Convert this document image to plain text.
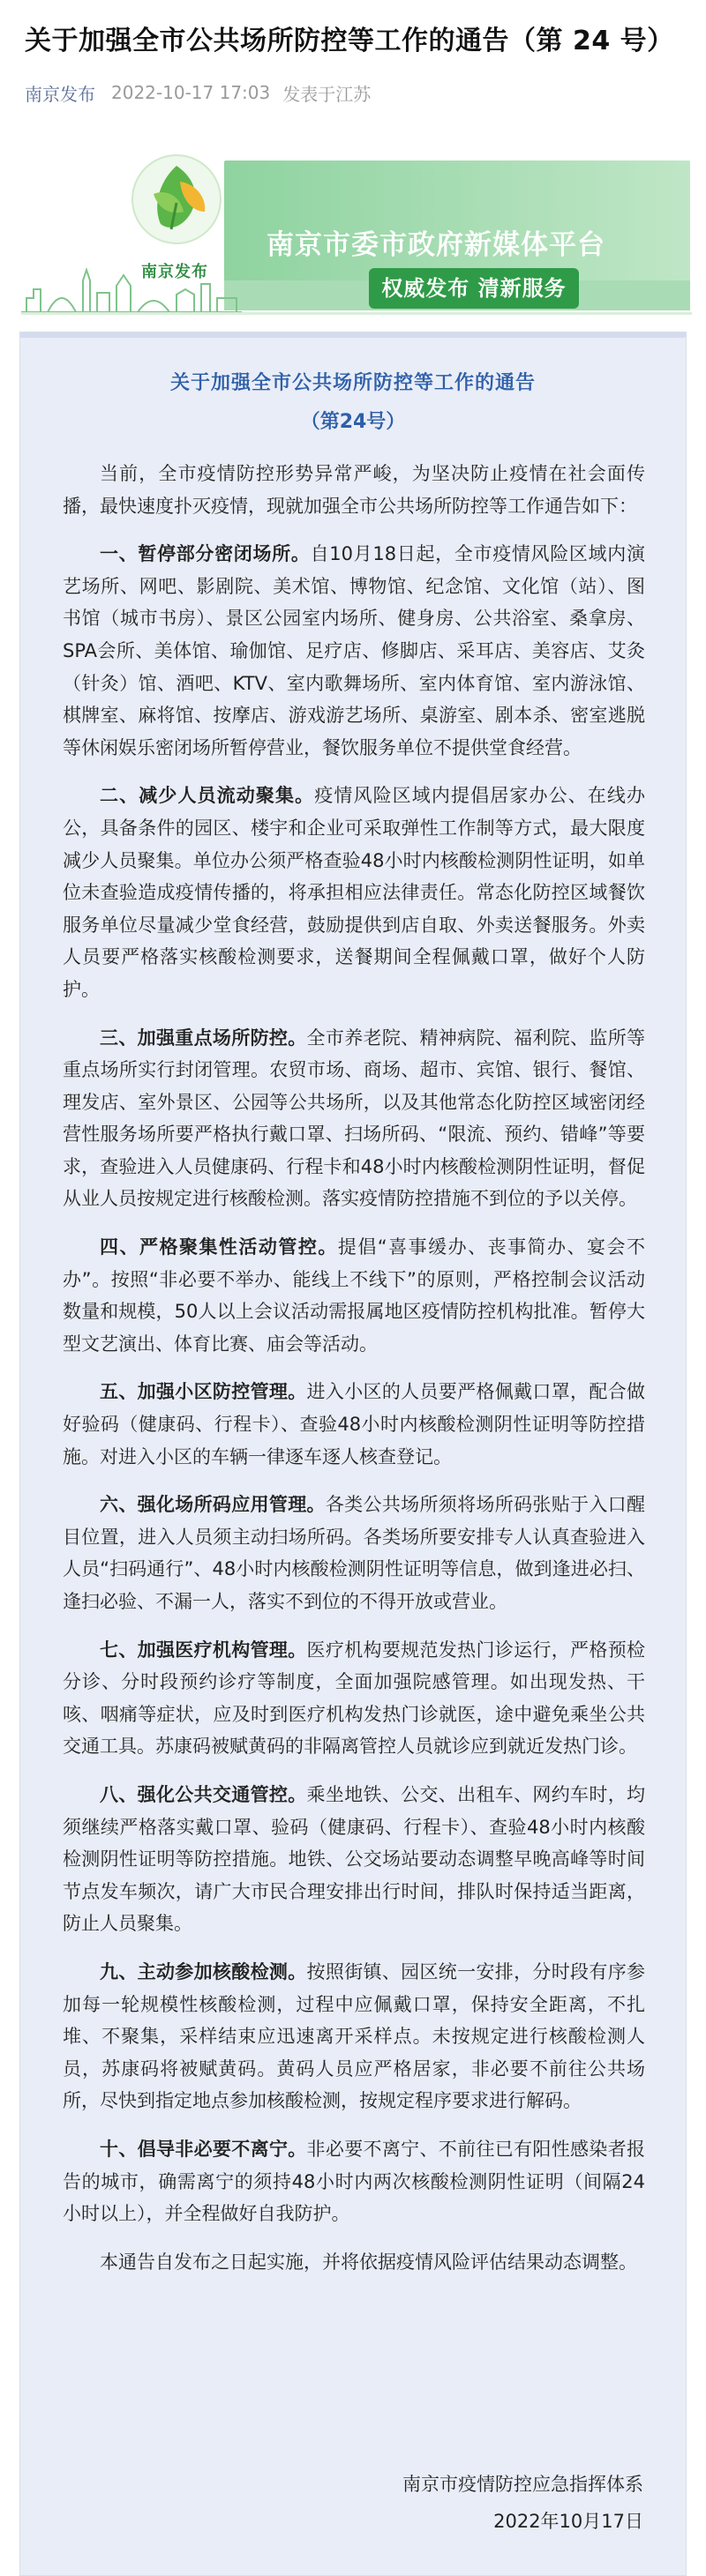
关于加强全市公共场所防控等工作的通告（第 24 号）
南京发布 2022-10-17 17:03 发表于江苏
南京发布
南京市委市政府新媒体平台
权威发布 清新服务
关于加强全市公共场所防控等工作的通告
（第24号）

当前，全市疫情防控形势异常严峻，为坚决防止疫情在社会面传播，最快速度扑灭疫情，现就加强全市公共场所防控等工作通告如下：

一、暂停部分密闭场所。自10月18日起，全市疫情风险区域内演艺场所、网吧、影剧院、美术馆、博物馆、纪念馆、文化馆（站）、图书馆（城市书房）、景区公园室内场所、健身房、公共浴室、桑拿房、SPA会所、美体馆、瑜伽馆、足疗店、修脚店、采耳店、美容店、艾灸（针灸）馆、酒吧、KTV、室内歌舞场所、室内体育馆、室内游泳馆、棋牌室、麻将馆、按摩店、游戏游艺场所、桌游室、剧本杀、密室逃脱等休闲娱乐密闭场所暂停营业，餐饮服务单位不提供堂食经营。

二、减少人员流动聚集。疫情风险区域内提倡居家办公、在线办公，具备条件的园区、楼宇和企业可采取弹性工作制等方式，最大限度减少人员聚集。单位办公须严格查验48小时内核酸检测阴性证明，如单位未查验造成疫情传播的，将承担相应法律责任。常态化防控区域餐饮服务单位尽量减少堂食经营，鼓励提供到店自取、外卖送餐服务。外卖人员要严格落实核酸检测要求，送餐期间全程佩戴口罩，做好个人防护。

三、加强重点场所防控。全市养老院、精神病院、福利院、监所等重点场所实行封闭管理。农贸市场、商场、超市、宾馆、银行、餐馆、理发店、室外景区、公园等公共场所，以及其他常态化防控区域密闭经营性服务场所要严格执行戴口罩、扫场所码、“限流、预约、错峰”等要求，查验进入人员健康码、行程卡和48小时内核酸检测阴性证明，督促从业人员按规定进行核酸检测。落实疫情防控措施不到位的予以关停。

四、严格聚集性活动管控。提倡“喜事缓办、丧事简办、宴会不办”。按照“非必要不举办、能线上不线下”的原则，严格控制会议活动数量和规模，50人以上会议活动需报属地区疫情防控机构批准。暂停大型文艺演出、体育比赛、庙会等活动。

五、加强小区防控管理。进入小区的人员要严格佩戴口罩，配合做好验码（健康码、行程卡）、查验48小时内核酸检测阴性证明等防控措施。对进入小区的车辆一律逐车逐人核查登记。

六、强化场所码应用管理。各类公共场所须将场所码张贴于入口醒目位置，进入人员须主动扫场所码。各类场所要安排专人认真查验进入人员“扫码通行”、48小时内核酸检测阴性证明等信息，做到逢进必扫、逢扫必验、不漏一人，落实不到位的不得开放或营业。

七、加强医疗机构管理。医疗机构要规范发热门诊运行，严格预检分诊、分时段预约诊疗等制度，全面加强院感管理。如出现发热、干咳、咽痛等症状，应及时到医疗机构发热门诊就医，途中避免乘坐公共交通工具。苏康码被赋黄码的非隔离管控人员就诊应到就近发热门诊。

八、强化公共交通管控。乘坐地铁、公交、出租车、网约车时，均须继续严格落实戴口罩、验码（健康码、行程卡）、查验48小时内核酸检测阴性证明等防控措施。地铁、公交场站要动态调整早晚高峰等时间节点发车频次，请广大市民合理安排出行时间，排队时保持适当距离，防止人员聚集。

九、主动参加核酸检测。按照街镇、园区统一安排，分时段有序参加每一轮规模性核酸检测，过程中应佩戴口罩，保持安全距离，不扎堆、不聚集，采样结束应迅速离开采样点。未按规定进行核酸检测人员，苏康码将被赋黄码。黄码人员应严格居家，非必要不前往公共场所，尽快到指定地点参加核酸检测，按规定程序要求进行解码。

十、倡导非必要不离宁。非必要不离宁、不前往已有阳性感染者报告的城市，确需离宁的须持48小时内两次核酸检测阴性证明（间隔24小时以上），并全程做好自我防护。

本通告自发布之日起实施，并将依据疫情风险评估结果动态调整。

南京市疫情防控应急指挥体系
2022年10月17日
